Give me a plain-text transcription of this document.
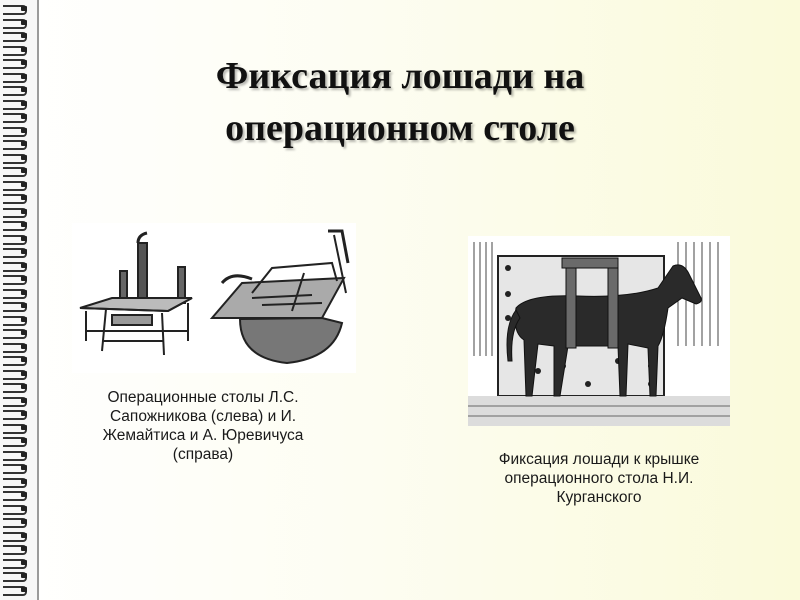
Фиксация лошади на
операционном столе
Операционные столы Л.С.
Сапожникова (слева) и И.
Жемайтиса и А. Юревичуса
(справа)	Фиксация лошади к крышке
операционного стола Н.И.
Курганского
